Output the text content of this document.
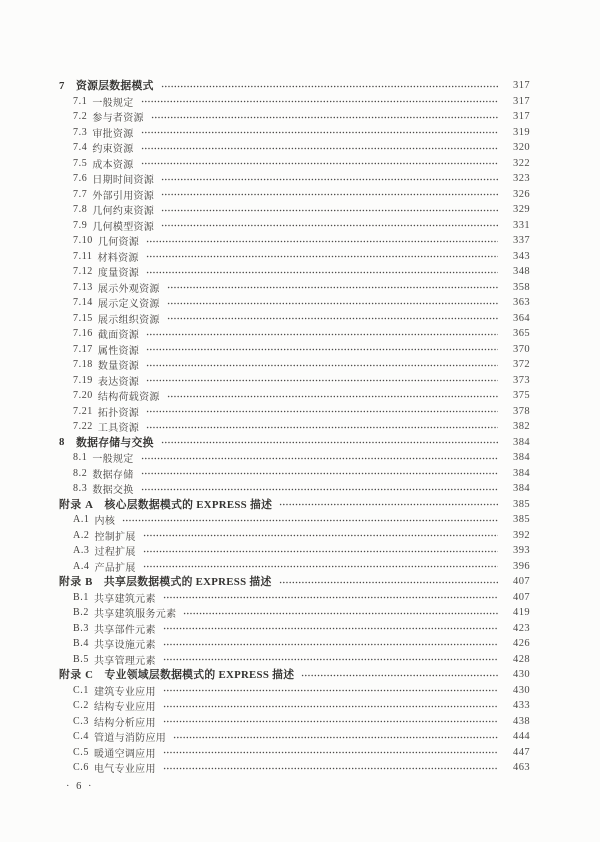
7 资源层数据模式	317
7.1 一般规定	317
7.2 参与者资源	317
7.3 审批资源	319
7.4 约束资源	320
7.5 成本资源	322
7.6 日期时间资源	323
7.7 外部引用资源	326
7.8 几何约束资源	329
7.9 几何模型资源	331
7.10 几何资源	337
7.11 材料资源	343
7.12 度量资源	348
7.13 展示外观资源	358
7.14 展示定义资源	363
7.15 展示组织资源	364
7.16 截面资源	365
7.17 属性资源	370
7.18 数量资源	372
7.19 表达资源	373
7.20 结构荷载资源	375
7.21 拓扑资源	378
7.22 工具资源	382
8 数据存储与交换	384
8.1 一般规定	384
8.2 数据存储	384
8.3 数据交换	384
附录 A 核心层数据模式的 EXPRESS 描述	385
A.1 内核	385
A.2 控制扩展	392
A.3 过程扩展	393
A.4 产品扩展	396
附录 B 共享层数据模式的 EXPRESS 描述	407
B.1 共享建筑元素	407
B.2 共享建筑服务元素	419
B.3 共享部件元素	423
B.4 共享设施元素	426
B.5 共享管理元素	428
附录 C 专业领域层数据模式的 EXPRESS 描述	430
C.1 建筑专业应用	430
C.2 结构专业应用	433
C.3 结构分析应用	438
C.4 管道与消防应用	444
C.5 暖通空调应用	447
C.6 电气专业应用	463
· 6 ·
